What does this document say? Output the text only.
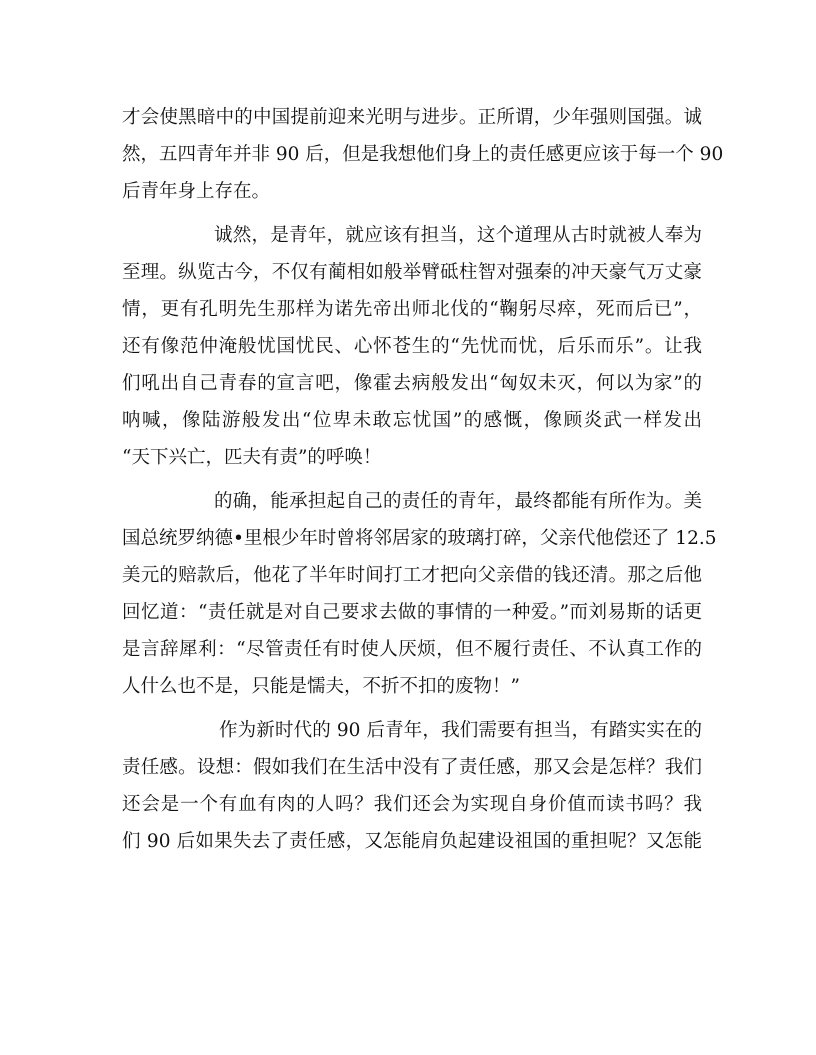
才会使黑暗中的中国提前迎来光明与进步。正所谓，少年强则国强。诚
然，五四青年并非 90 后，但是我想他们身上的责任感更应该于每一个 90
后青年身上存在。
诚然，是青年，就应该有担当，这个道理从古时就被人奉为
至理。纵览古今，不仅有蔺相如般举臂砥柱智对强秦的冲天豪气万丈豪
情，更有孔明先生那样为诺先帝出师北伐的“鞠躬尽瘁，死而后已”，
还有像范仲淹般忧国忧民、心怀苍生的“先忧而忧，后乐而乐”。让我
们吼出自己青春的宣言吧，像霍去病般发出“匈奴未灭，何以为家”的
呐喊，像陆游般发出“位卑未敢忘忧国”的感慨，像顾炎武一样发出
“天下兴亡，匹夫有责”的呼唤！
的确，能承担起自己的责任的青年，最终都能有所作为。美
国总统罗纳德•里根少年时曾将邻居家的玻璃打碎，父亲代他偿还了 12.5
美元的赔款后，他花了半年时间打工才把向父亲借的钱还清。那之后他
回忆道：“责任就是对自己要求去做的事情的一种爱。”而刘易斯的话更
是言辞犀利：“尽管责任有时使人厌烦，但不履行责任、不认真工作的
人什么也不是，只能是懦夫，不折不扣的废物！”
作为新时代的 90 后青年，我们需要有担当，有踏实实在的
责任感。设想：假如我们在生活中没有了责任感，那又会是怎样？我们
还会是一个有血有肉的人吗？我们还会为实现自身价值而读书吗？我
们 90 后如果失去了责任感，又怎能肩负起建设祖国的重担呢？又怎能
